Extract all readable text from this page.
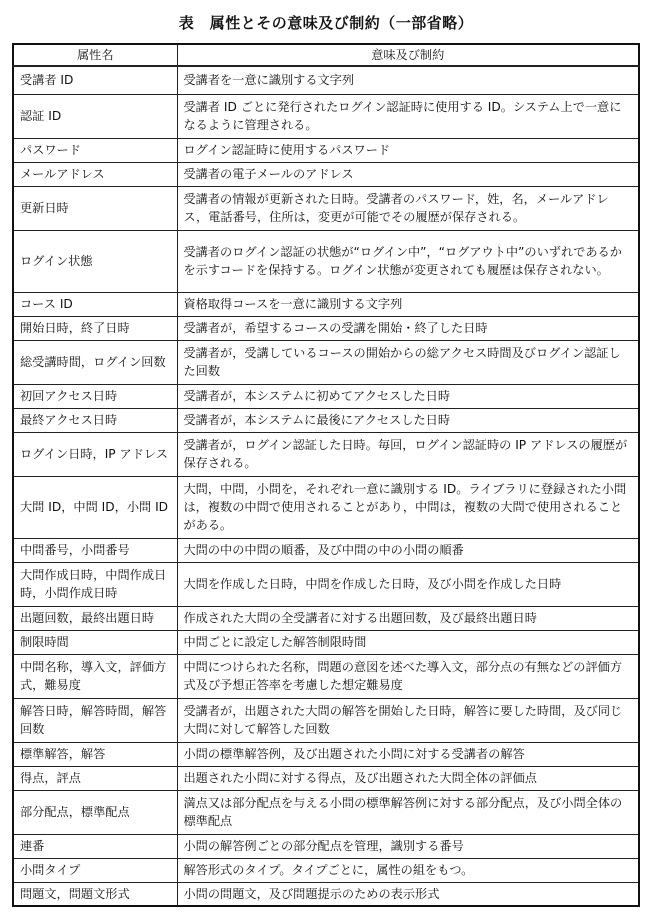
表　属性とその意味及び制約（一部省略）
属性名	意味及び制約
受講者 ID	受講者を一意に識別する文字列
認証 ID	受講者 ID ごとに発行されたログイン認証時に使用する ID。システム上で一意になるように管理される。
パスワード	ログイン認証時に使用するパスワード
メールアドレス	受講者の電子メールのアドレス
更新日時	受講者の情報が更新された日時。受講者のパスワード，姓，名，メールアドレス，電話番号，住所は，変更が可能でその履歴が保存される。
ログイン状態	受講者のログイン認証の状態が“ログイン中”，“ログアウト中”のいずれであるかを示すコードを保持する。ログイン状態が変更されても履歴は保存されない。
コース ID	資格取得コースを一意に識別する文字列
開始日時，終了日時	受講者が，希望するコースの受講を開始・終了した日時
総受講時間，ログイン回数	受講者が，受講しているコースの開始からの総アクセス時間及びログイン認証した回数
初回アクセス日時	受講者が，本システムに初めてアクセスした日時
最終アクセス日時	受講者が，本システムに最後にアクセスした日時
ログイン日時，IP アドレス	受講者が，ログイン認証した日時。毎回，ログイン認証時の IP アドレスの履歴が保存される。
大問 ID，中問 ID，小問 ID	大問，中問，小問を，それぞれ一意に識別する ID。ライブラリに登録された小問は，複数の中問で使用されることがあり，中問は，複数の大問で使用されることがある。
中問番号，小問番号	大問の中の中問の順番，及び中問の中の小問の順番
大問作成日時，中問作成日時，小問作成日時	大問を作成した日時，中問を作成した日時，及び小問を作成した日時
出題回数，最終出題日時	作成された大問の全受講者に対する出題回数，及び最終出題日時
制限時間	中問ごとに設定した解答制限時間
中問名称，導入文，評価方式，難易度	中問につけられた名称，問題の意図を述べた導入文，部分点の有無などの評価方式及び予想正答率を考慮した想定難易度
解答日時，解答時間，解答回数	受講者が，出題された大問の解答を開始した日時，解答に要した時間，及び同じ大問に対して解答した回数
標準解答，解答	小問の標準解答例，及び出題された小問に対する受講者の解答
得点，評点	出題された小問に対する得点，及び出題された大問全体の評価点
部分配点，標準配点	満点又は部分配点を与える小問の標準解答例に対する部分配点，及び小問全体の標準配点
連番	小問の解答例ごとの部分配点を管理，識別する番号
小問タイプ	解答形式のタイプ。タイプごとに，属性の組をもつ。
問題文，問題文形式	小問の問題文，及び問題提示のための表示形式
